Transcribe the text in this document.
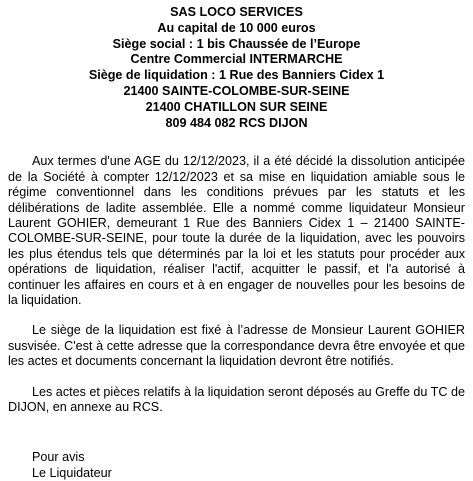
SAS LOCO SERVICES
Au capital de 10 000 euros
Siège social : 1 bis Chaussée de l’Europe
Centre Commercial INTERMARCHE
Siège de liquidation : 1 Rue des Banniers Cidex 1
21400 SAINTE-COLOMBE-SUR-SEINE
21400 CHATILLON SUR SEINE
809 484 082 RCS DIJON

Aux termes d'une AGE du 12/12/2023, il a été décidé la dissolution anticipée de la Société à compter 12/12/2023 et sa mise en liquidation amiable sous le régime conventionnel dans les conditions prévues par les statuts et les délibérations de ladite assemblée. Elle a nommé comme liquidateur Monsieur Laurent GOHIER, demeurant 1 Rue des Banniers Cidex 1 – 21400 SAINTE-COLOMBE-SUR-SEINE, pour toute la durée de la liquidation, avec les pouvoirs les plus étendus tels que déterminés par la loi et les statuts pour procéder aux opérations de liquidation, réaliser l'actif, acquitter le passif, et l'a autorisé à continuer les affaires en cours et à en engager de nouvelles pour les besoins de la liquidation.

Le siège de la liquidation est fixé à l’adresse de Monsieur Laurent GOHIER susvisée. C'est à cette adresse que la correspondance devra être envoyée et que les actes et documents concernant la liquidation devront être notifiés.

Les actes et pièces relatifs à la liquidation seront déposés au Greffe du TC de DIJON, en annexe au RCS.

Pour avis
Le Liquidateur
